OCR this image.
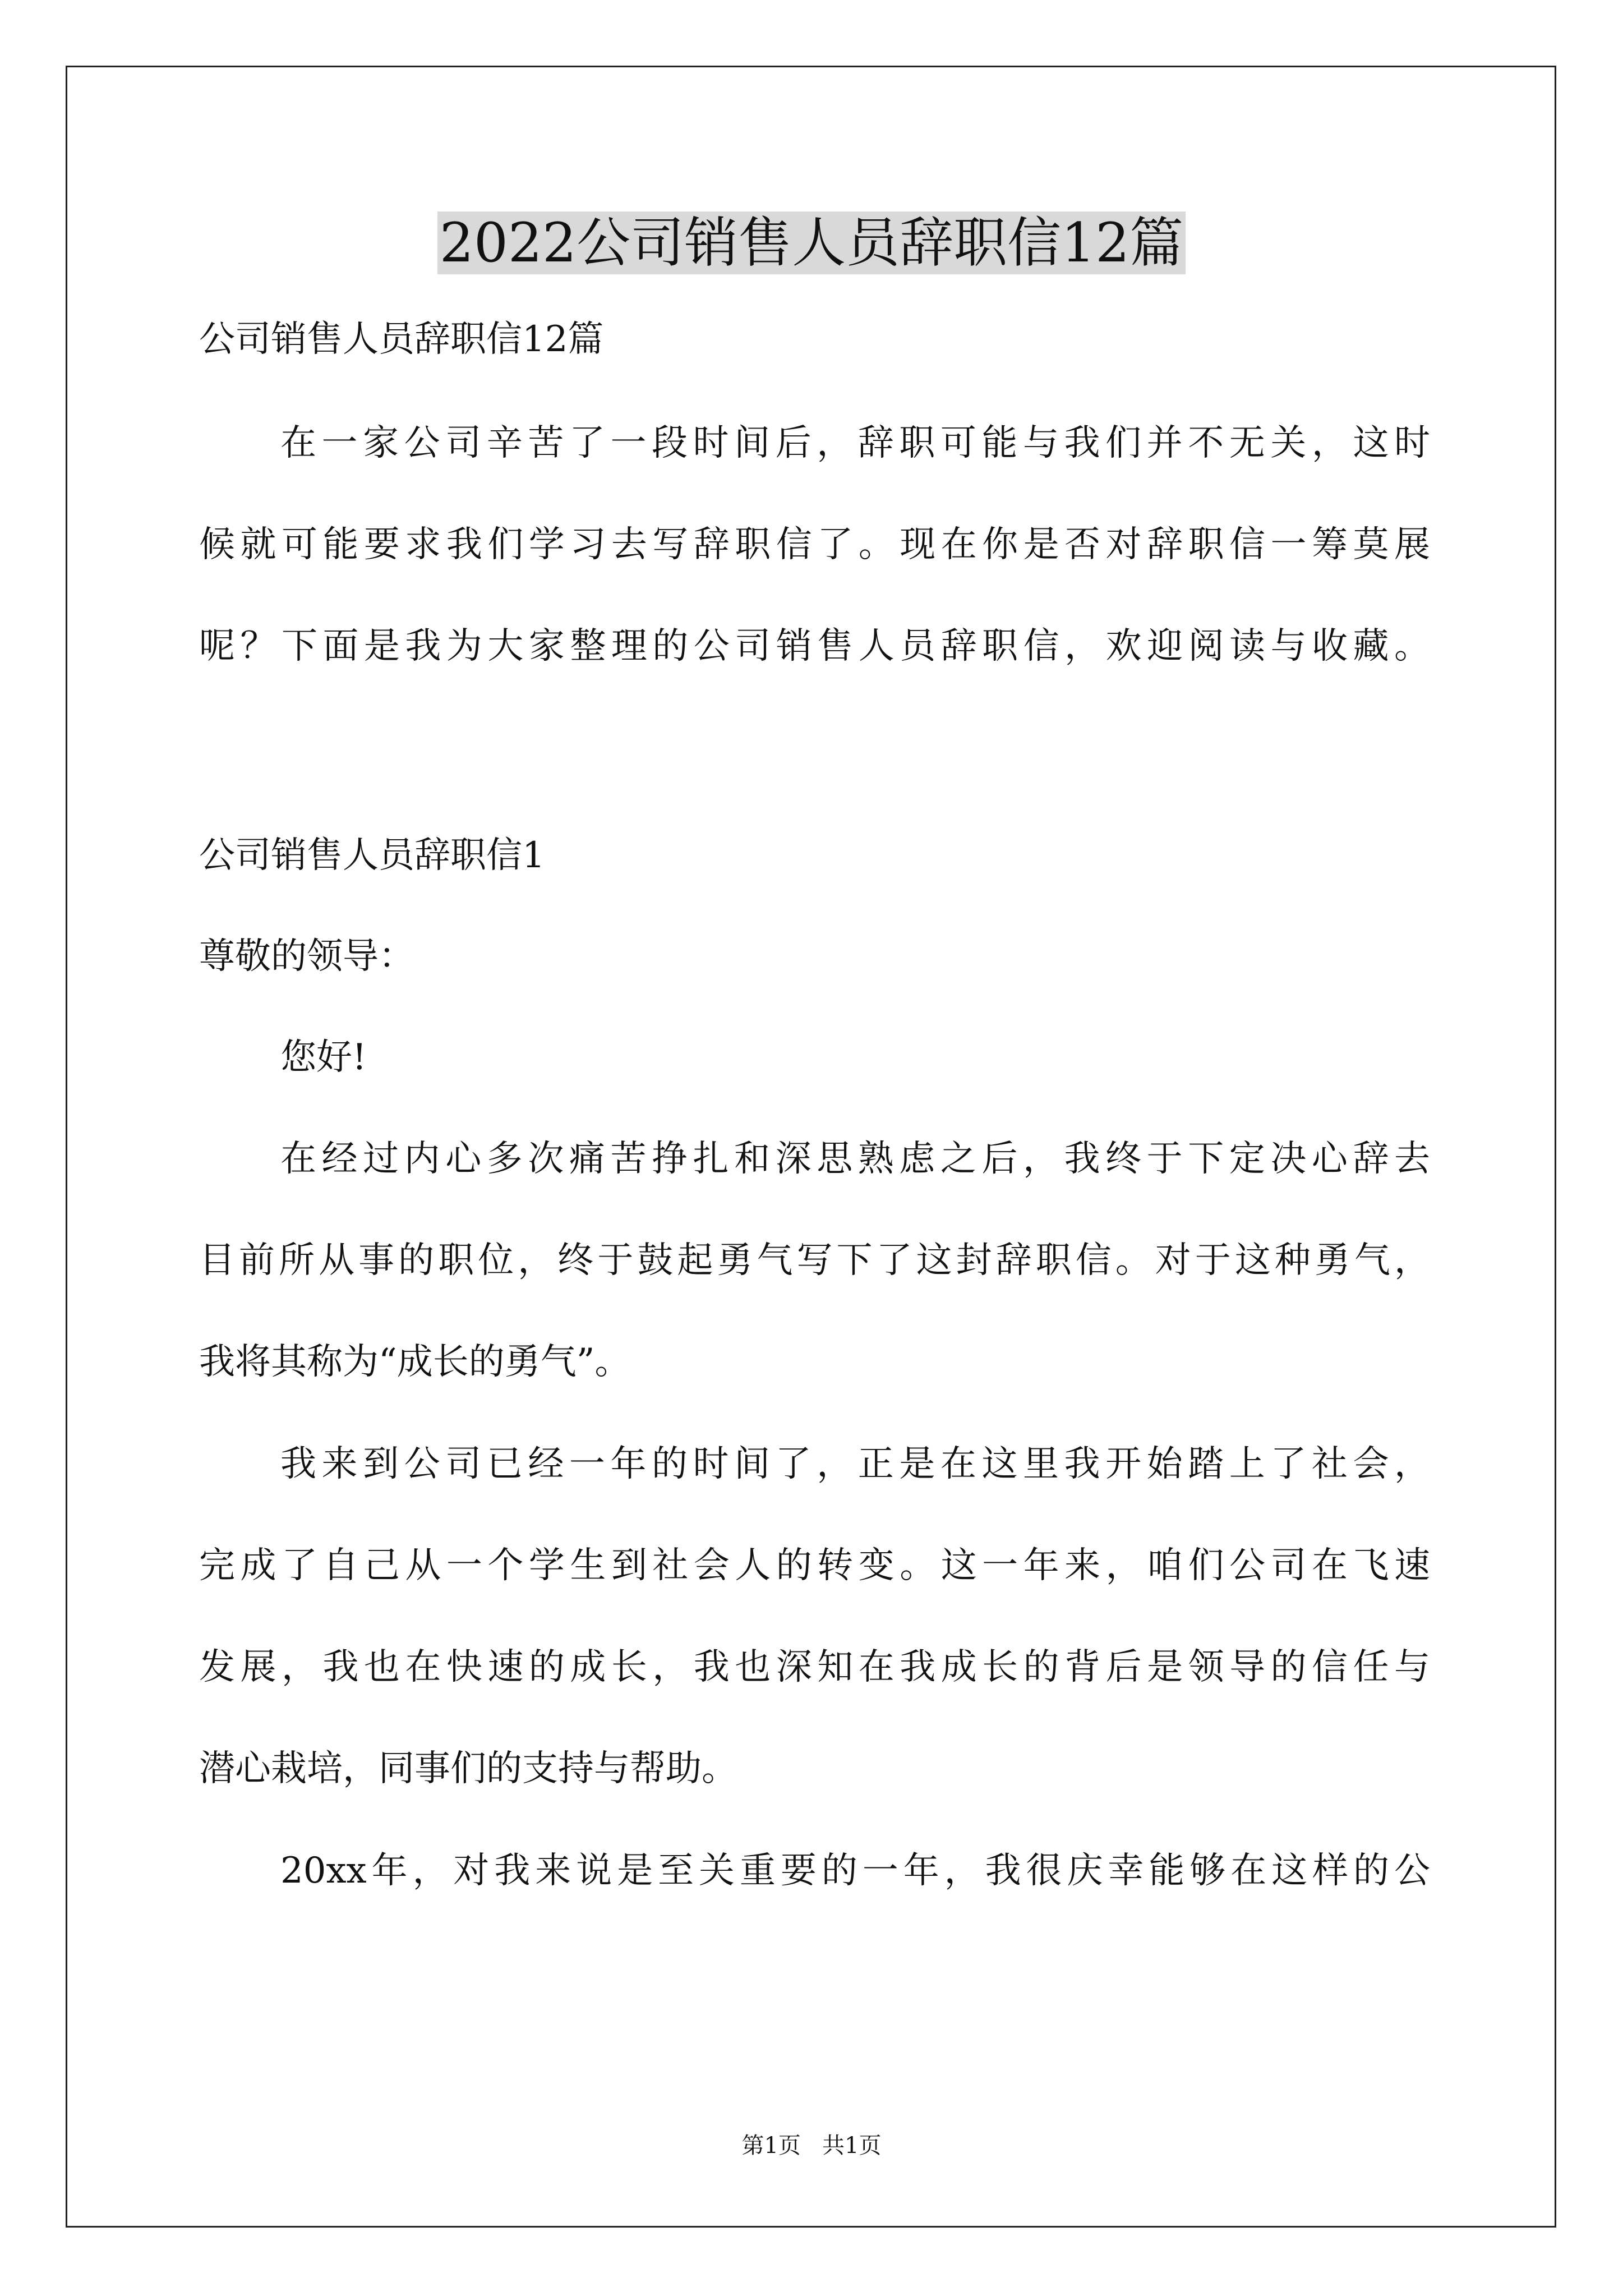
2022公司销售人员辞职信12篇

公司销售人员辞职信12篇

在一家公司辛苦了一段时间后，辞职可能与我们并不无关，这时

候就可能要求我们学习去写辞职信了。现在你是否对辞职信一筹莫展

呢？下面是我为大家整理的公司销售人员辞职信，欢迎阅读与收藏。

公司销售人员辞职信1

尊敬的领导：

您好!

在经过内心多次痛苦挣扎和深思熟虑之后，我终于下定决心辞去

目前所从事的职位，终于鼓起勇气写下了这封辞职信。对于这种勇气，

我将其称为“成长的勇气”。

我来到公司已经一年的时间了，正是在这里我开始踏上了社会，

完成了自己从一个学生到社会人的转变。这一年来，咱们公司在飞速

发展，我也在快速的成长，我也深知在我成长的背后是领导的信任与

潜心栽培，同事们的支持与帮助。

20xx年，对我来说是至关重要的一年，我很庆幸能够在这样的公

第1页   共1页
